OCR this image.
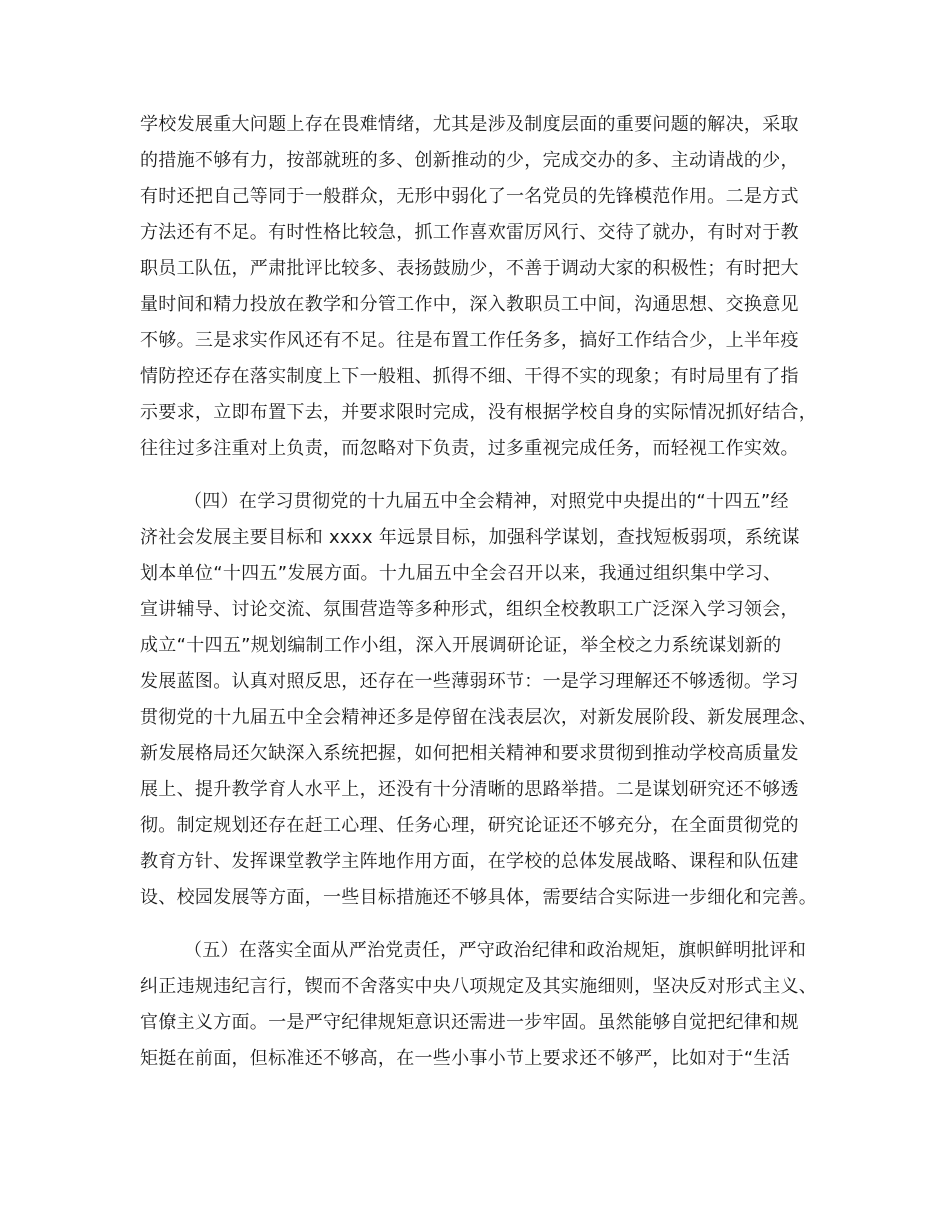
学校发展重大问题上存在畏难情绪，尤其是涉及制度层面的重要问题的解决，采取
的措施不够有力，按部就班的多、创新推动的少，完成交办的多、主动请战的少，
有时还把自己等同于一般群众，无形中弱化了一名党员的先锋模范作用。二是方式
方法还有不足。有时性格比较急，抓工作喜欢雷厉风行、交待了就办，有时对于教
职员工队伍，严肃批评比较多、表扬鼓励少，不善于调动大家的积极性；有时把大
量时间和精力投放在教学和分管工作中，深入教职员工中间，沟通思想、交换意见
不够。三是求实作风还有不足。往是布置工作任务多，搞好工作结合少，上半年疫
情防控还存在落实制度上下一般粗、抓得不细、干得不实的现象；有时局里有了指
示要求，立即布置下去，并要求限时完成，没有根据学校自身的实际情况抓好结合，
往往过多注重对上负责，而忽略对下负责，过多重视完成任务，而轻视工作实效。
（四）在学习贯彻党的十九届五中全会精神，对照党中央提出的“十四五”经
济社会发展主要目标和 xxxx 年远景目标，加强科学谋划，查找短板弱项，系统谋
划本单位“十四五”发展方面。十九届五中全会召开以来，我通过组织集中学习、
宣讲辅导、讨论交流、氛围营造等多种形式，组织全校教职工广泛深入学习领会，
成立“十四五”规划编制工作小组，深入开展调研论证，举全校之力系统谋划新的
发展蓝图。认真对照反思，还存在一些薄弱环节：一是学习理解还不够透彻。学习
贯彻党的十九届五中全会精神还多是停留在浅表层次，对新发展阶段、新发展理念、
新发展格局还欠缺深入系统把握，如何把相关精神和要求贯彻到推动学校高质量发
展上、提升教学育人水平上，还没有十分清晰的思路举措。二是谋划研究还不够透
彻。制定规划还存在赶工心理、任务心理，研究论证还不够充分，在全面贯彻党的
教育方针、发挥课堂教学主阵地作用方面，在学校的总体发展战略、课程和队伍建
设、校园发展等方面，一些目标措施还不够具体，需要结合实际进一步细化和完善。
（五）在落实全面从严治党责任，严守政治纪律和政治规矩，旗帜鲜明批评和
纠正违规违纪言行，锲而不舍落实中央八项规定及其实施细则，坚决反对形式主义、
官僚主义方面。一是严守纪律规矩意识还需进一步牢固。虽然能够自觉把纪律和规
矩挺在前面，但标准还不够高，在一些小事小节上要求还不够严，比如对于“生活
